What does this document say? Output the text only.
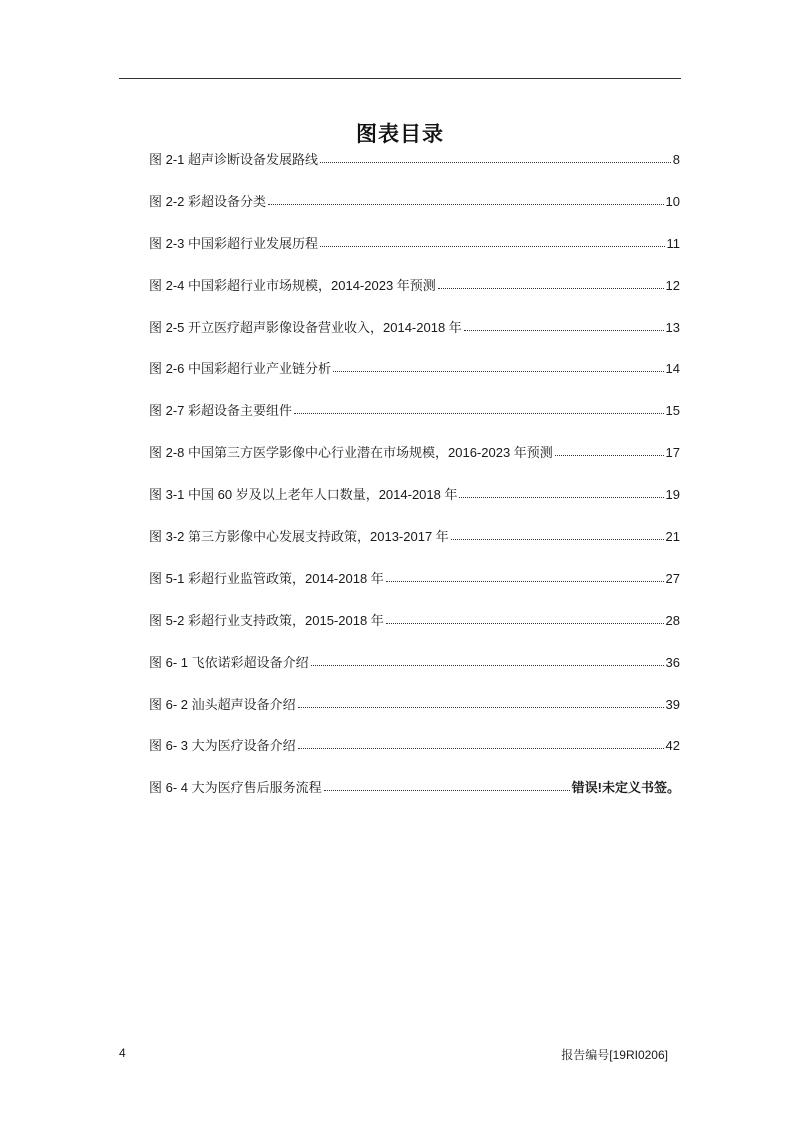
图表目录
图 2-1 超声诊断设备发展路线	8
图 2-2 彩超设备分类	10
图 2-3 中国彩超行业发展历程	11
图 2-4 中国彩超行业市场规模，2014-2023 年预测	12
图 2-5 开立医疗超声影像设备营业收入，2014-2018 年	13
图 2-6 中国彩超行业产业链分析	14
图 2-7 彩超设备主要组件	15
图 2-8 中国第三方医学影像中心行业潜在市场规模，2016-2023 年预测	17
图 3-1 中国 60 岁及以上老年人口数量，2014-2018 年	19
图 3-2 第三方影像中心发展支持政策，2013-2017 年	21
图 5-1 彩超行业监管政策，2014-2018 年	27
图 5-2 彩超行业支持政策，2015-2018 年	28
图 6- 1 飞依诺彩超设备介绍	36
图 6- 2 汕头超声设备介绍	39
图 6- 3 大为医疗设备介绍	42
图 6- 4 大为医疗售后服务流程	错误!未定义书签。
4	报告编号[19RI0206]
